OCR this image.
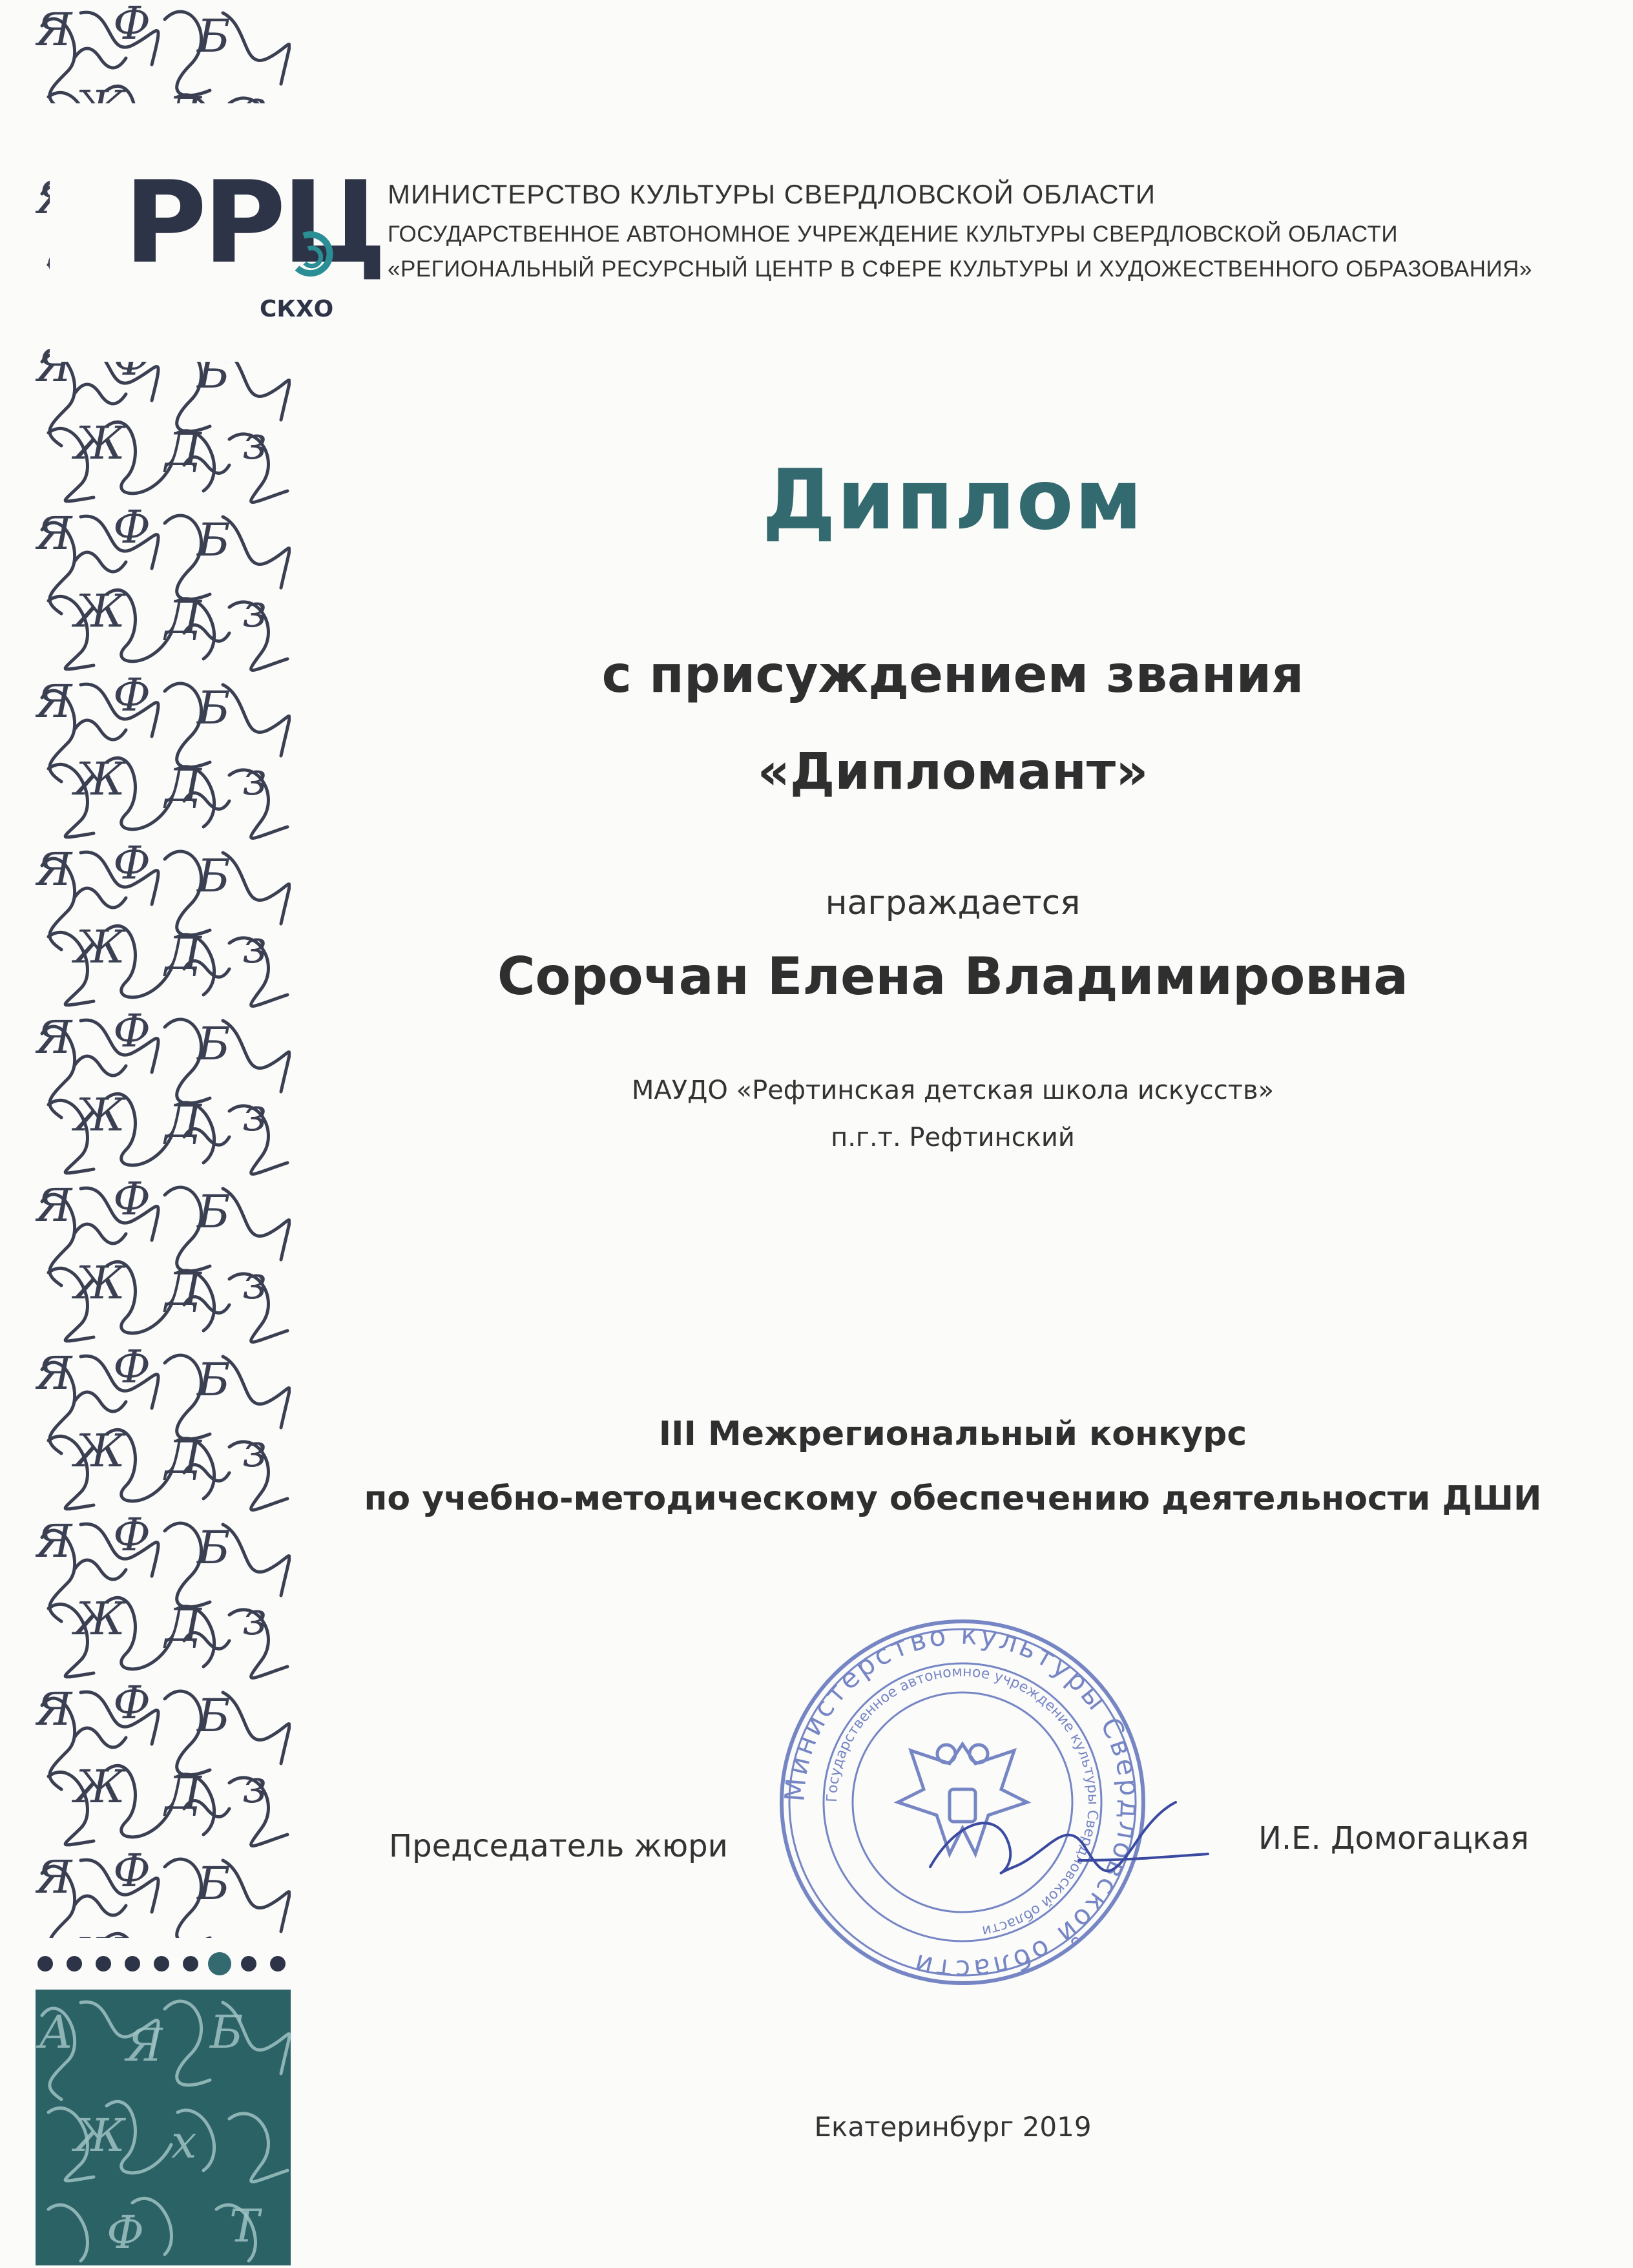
А Я Б
Ж х
Ф Т
РРЦ
СКХО
МИНИСТЕРСТВО КУЛЬТУРЫ СВЕРДЛОВСКОЙ ОБЛАСТИ
ГОСУДАРСТВЕННОЕ АВТОНОМНОЕ УЧРЕЖДЕНИЕ КУЛЬТУРЫ СВЕРДЛОВСКОЙ ОБЛАСТИ
«РЕГИОНАЛЬНЫЙ РЕСУРСНЫЙ ЦЕНТР В СФЕРЕ КУЛЬТУРЫ И ХУДОЖЕСТВЕННОГО ОБРАЗОВАНИЯ»
Диплом
с присуждением звания
«Дипломант»
награждается
Сорочан Елена Владимировна
МАУДО «Рефтинская детская школа искусств»
п.г.т. Рефтинский
III Межрегиональный конкурс
по учебно-методическому обеспечению деятельности ДШИ
Министерство культуры Свердловской области
Государственное автономное учреждение культуры Свердловской области
Председатель жюри	И.Е. Домогацкая
Екатеринбург 2019
